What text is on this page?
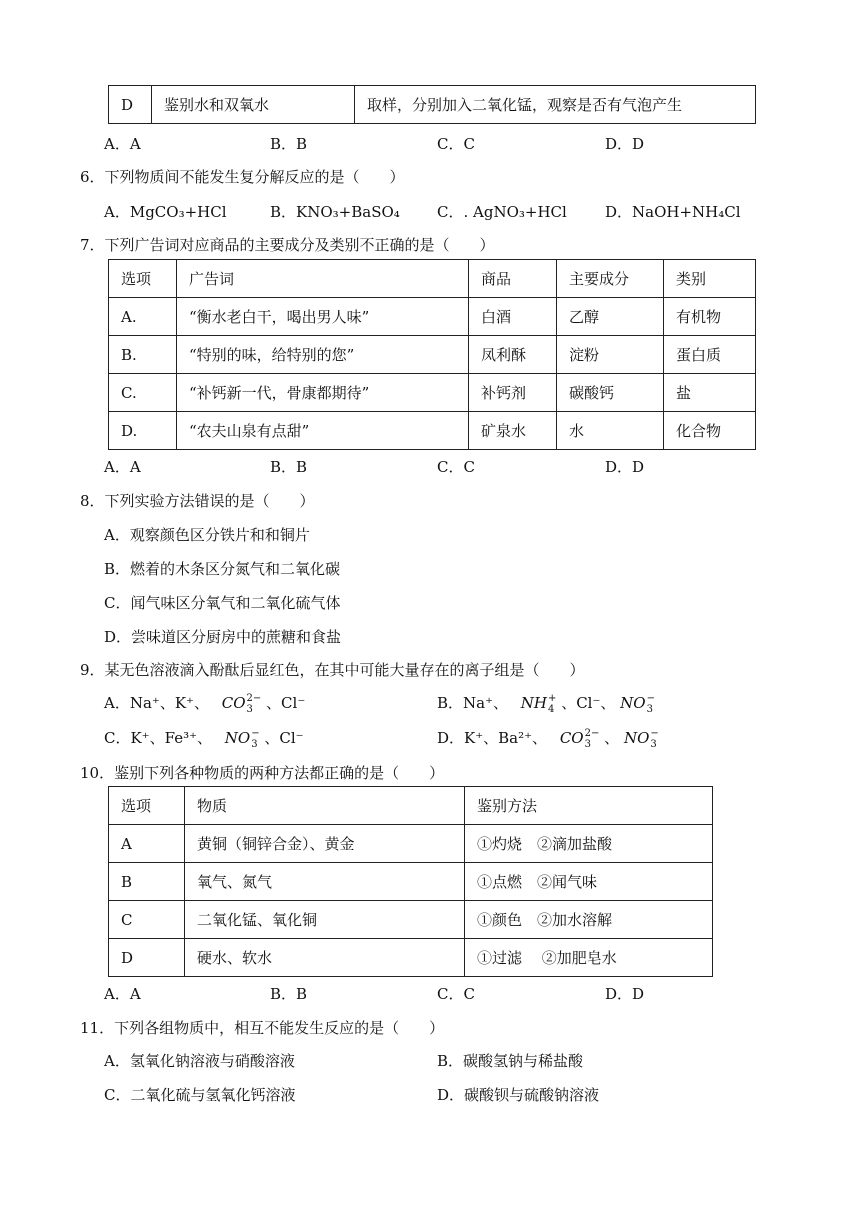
D	鉴别水和双氧水	取样，分别加入二氧化锰，观察是否有气泡产生
A．A	B．B	C．C	D．D
6．下列物质间不能发生复分解反应的是（　　）
A．MgCO₃+HCl	B．KNO₃+BaSO₄ C．. AgNO₃+HCl	D．NaOH+NH₄Cl
7．下列广告词对应商品的主要成分及类别不正确的是（　　）
选项	广告词	商品	主要成分	类别
A.	“衡水老白干，喝出男人味”	白酒	乙醇	有机物
B.	“特别的味，给特别的您”	凤利酥	淀粉	蛋白质
C.	“补钙新一代，骨康都期待”	补钙剂	碳酸钙	盐
D.	“农夫山泉有点甜”	矿泉水	水	化合物
A．A	B．B	C．C	D．D
8．下列实验方法错误的是（　　）
A．观察颜色区分铁片和和铜片
B．燃着的木条区分氮气和二氧化碳
C．闻气味区分氧气和二氧化硫气体
D．尝味道区分厨房中的蔗糖和食盐
9．某无色溶液滴入酚酞后显红色，在其中可能大量存在的离子组是（　　）
A．Na⁺、K⁺、 CO2−
3 、Cl⁻	B．Na⁺、 NH+
4 、Cl⁻、 NO−
3
C．K⁺、Fe³⁺、 NO−
3 、Cl⁻	D．K⁺、Ba²⁺、 CO2−
3 、 NO−
3
10．鉴别下列各种物质的两种方法都正确的是（　　）
选项	物质	鉴别方法
A	黄铜（铜锌合金）、黄金	①灼烧　②滴加盐酸
B	氧气、氮气	①点燃　②闻气味
C	二氧化锰、氧化铜	①颜色　②加水溶解
D	硬水、软水	①过滤　 ②加肥皂水
A．A	B．B	C．C	D．D
11．下列各组物质中，相互不能发生反应的是（　　）
A．氢氧化钠溶液与硝酸溶液	B．碳酸氢钠与稀盐酸
C．二氧化硫与氢氧化钙溶液	D．碳酸钡与硫酸钠溶液
